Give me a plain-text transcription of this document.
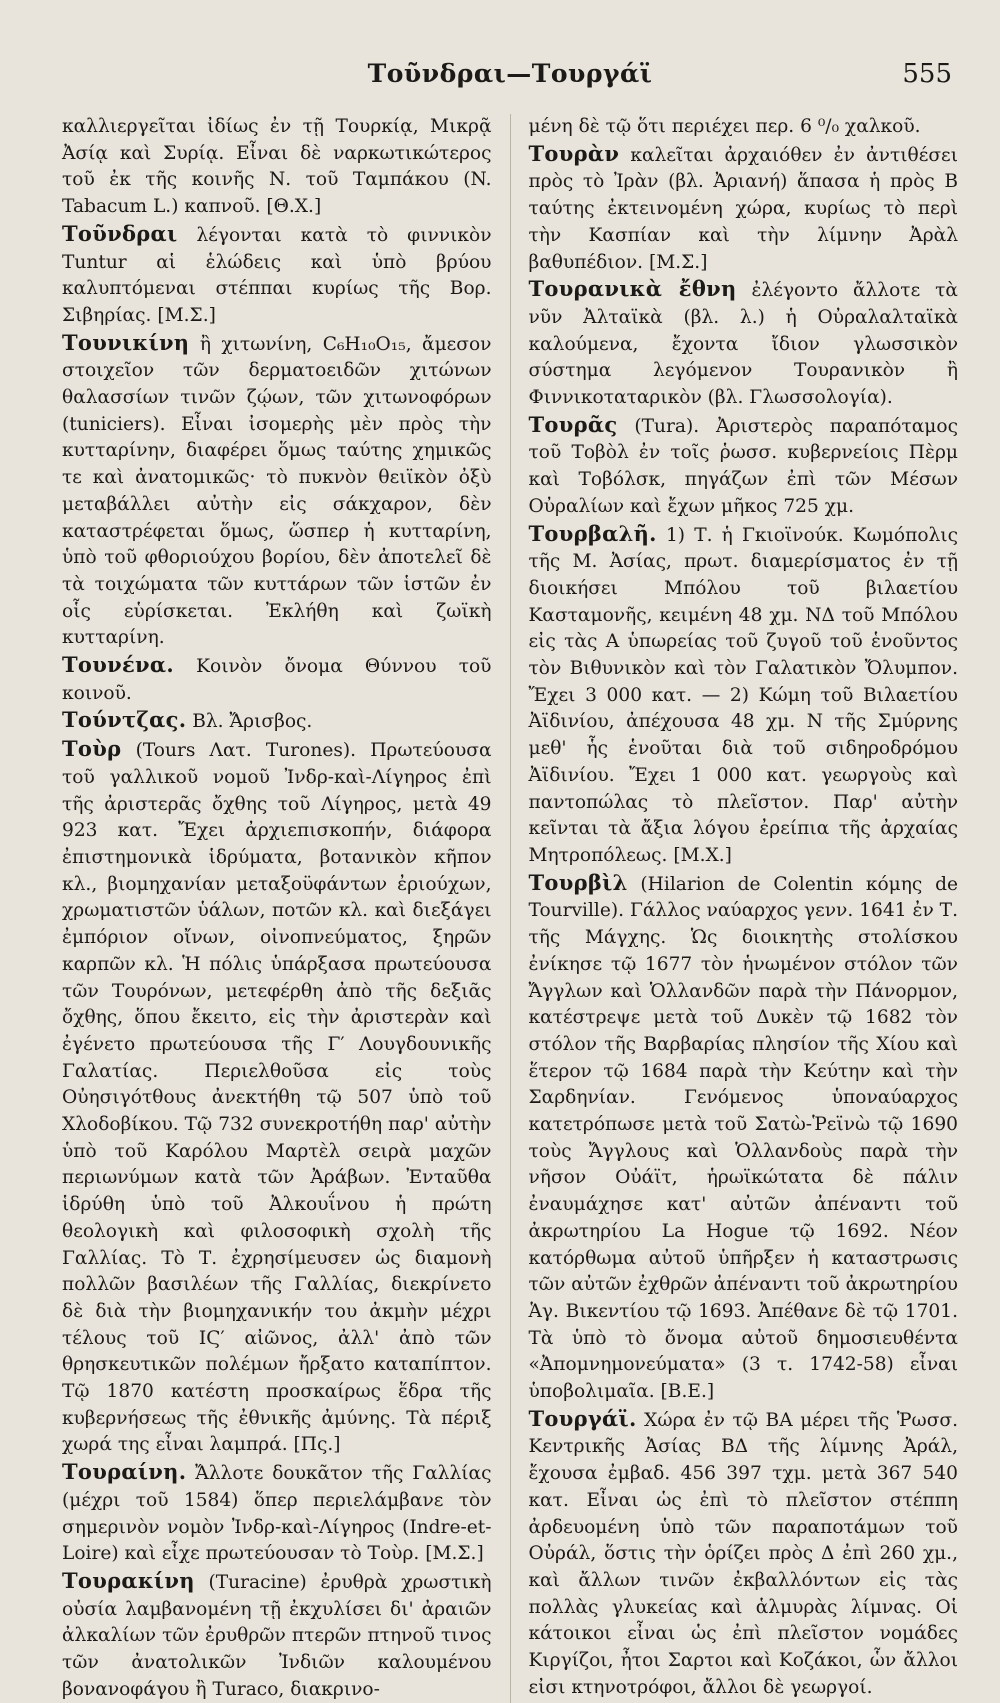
Τοῦνδραι—Τουργάϊ	555

καλλιεργεῖται ἰδίως ἐν τῇ Τουρκίᾳ, Μικρᾷ Ἀσίᾳ καὶ Συρίᾳ. Εἶναι δὲ ναρκωτικώτερος τοῦ ἐκ τῆς κοινῆς Ν. τοῦ Ταμπάκου (N. Tabacum L.) καπνοῦ. [Θ.Χ.]

Τοῦνδραι λέγονται κατὰ τὸ φιννικὸν Tuntur αἱ ἑλώδεις καὶ ὑπὸ βρύου καλυπτόμεναι στέππαι κυρίως τῆς Βορ. Σιβηρίας. [Μ.Σ.]

Τουνικίνη ἢ χιτωνίνη, C₆H₁₀O₁₅, ἄμεσον στοιχεῖον τῶν δερματοειδῶν χιτώνων θαλασσίων τινῶν ζῴων, τῶν χιτωνοφόρων (tuniciers). Εἶναι ἰσομερὴς μὲν πρὸς τὴν κυτταρίνην, διαφέρει ὅμως ταύτης χημικῶς τε καὶ ἀνατομικῶς· τὸ πυκνὸν θειϊκὸν ὀξὺ μεταβάλλει αὐτὴν εἰς σάκχαρον, δὲν καταστρέφεται ὅμως, ὥσπερ ἡ κυτταρίνη, ὑπὸ τοῦ φθοριούχου βορίου, δὲν ἀποτελεῖ δὲ τὰ τοιχώματα τῶν κυττάρων τῶν ἱστῶν ἐν οἷς εὑρίσκεται. Ἐκλήθη καὶ ζωϊκὴ κυτταρίνη.

Τουνένα. Κοινὸν ὄνομα Θύννου τοῦ κοινοῦ.

Τούντζας. Βλ. Ἄρισβος.

Τοὺρ (Tours Λατ. Turones). Πρωτεύουσα τοῦ γαλλικοῦ νομοῦ Ἰνδρ-καὶ-Λίγηρος ἐπὶ τῆς ἀριστερᾶς ὄχθης τοῦ Λίγηρος, μετὰ 49 923 κατ. Ἔχει ἀρχιεπισκοπήν, διάφορα ἐπιστημονικὰ ἱδρύματα, βοτανικὸν κῆπον κλ., βιομηχανίαν μεταξοϋφάντων ἐριούχων, χρωματιστῶν ὑάλων, ποτῶν κλ. καὶ διεξάγει ἐμπόριον οἴνων, οἰνοπνεύματος, ξηρῶν καρπῶν κλ. Ἡ πόλις ὑπάρξασα πρωτεύουσα τῶν Τουρόνων, μετεφέρθη ἀπὸ τῆς δεξιᾶς ὄχθης, ὅπου ἔκειτο, εἰς τὴν ἀριστερὰν καὶ ἐγένετο πρωτεύουσα τῆς Γ′ Λουγδουνικῆς Γαλατίας. Περιελθοῦσα εἰς τοὺς Οὐησιγότθους ἀνεκτήθη τῷ 507 ὑπὸ τοῦ Χλοδοβίκου. Τῷ 732 συνεκροτήθη παρ' αὐτὴν ὑπὸ τοῦ Καρόλου Μαρτὲλ σειρὰ μαχῶν περιωνύμων κατὰ τῶν Ἀράβων. Ἐνταῦθα ἱδρύθη ὑπὸ τοῦ Ἀλκουΐνου ἡ πρώτη θεολογικὴ καὶ φιλοσοφικὴ σχολὴ τῆς Γαλλίας. Τὸ Τ. ἐχρησίμευσεν ὡς διαμονὴ πολλῶν βασιλέων τῆς Γαλλίας, διεκρίνετο δὲ διὰ τὴν βιομηχανικήν του ἀκμὴν μέχρι τέλους τοῦ ΙϚ′ αἰῶνος, ἀλλ' ἀπὸ τῶν θρησκευτικῶν πολέμων ἤρξατο καταπίπτον. Τῷ 1870 κατέστη προσκαίρως ἕδρα τῆς κυβερνήσεως τῆς ἐθνικῆς ἀμύνης. Τὰ πέριξ χωρά της εἶναι λαμπρά. [Πς.]

Τουραίνη. Ἄλλοτε δουκᾶτον τῆς Γαλλίας (μέχρι τοῦ 1584) ὅπερ περιελάμβανε τὸν σημερινὸν νομὸν Ἰνδρ-καὶ-Λίγηρος (Indre-et-Loire) καὶ εἶχε πρωτεύουσαν τὸ Τοὺρ. [Μ.Σ.]

Τουρακίνη (Turacine) ἐρυθρὰ χρωστικὴ οὐσία λαμβανομένη τῇ ἐκχυλίσει δι' ἀραιῶν ἀλκαλίων τῶν ἐρυθρῶν πτερῶν πτηνοῦ τινος τῶν ἀνατολικῶν Ἰνδιῶν καλουμένου βονανοφάγου ἢ Turaco, διακρινο-

μένη δὲ τῷ ὅτι περιέχει περ. 6 ⁰/₀ χαλκοῦ.

Τουρὰν καλεῖται ἀρχαιόθεν ἐν ἀντιθέσει πρὸς τὸ Ἰρὰν (βλ. Ἀριανή) ἅπασα ἡ πρὸς Β ταύτης ἐκτεινομένη χώρα, κυρίως τὸ περὶ τὴν Κασπίαν καὶ τὴν λίμνην Ἀρὰλ βαθυπέδιον. [Μ.Σ.]

Τουρανικὰ ἔθνη ἐλέγοντο ἄλλοτε τὰ νῦν Ἀλταϊκὰ (βλ. λ.) ἡ Οὐραλαλταϊκὰ καλούμενα, ἔχοντα ἴδιον γλωσσικὸν σύστημα λεγόμενον Τουρανικὸν ἢ Φιννικοταταρικὸν (βλ. Γλωσσολογία).

Τουρᾶς (Tura). Ἀριστερὸς παραπόταμος τοῦ Τοβὸλ ἐν τοῖς ῥωσσ. κυβερνείοις Πὲρμ καὶ Τοβόλσκ, πηγάζων ἐπὶ τῶν Μέσων Οὐραλίων καὶ ἔχων μῆκος 725 χμ.

Τουρβαλῆ. 1) Τ. ἡ Γκιοϊνούκ. Κωμόπολις τῆς Μ. Ἀσίας, πρωτ. διαμερίσματος ἐν τῇ διοικήσει Μπόλου τοῦ βιλαετίου Κασταμονῆς, κειμένη 48 χμ. ΝΔ τοῦ Μπόλου εἰς τὰς Α ὑπωρείας τοῦ ζυγοῦ τοῦ ἑνοῦντος τὸν Βιθυνικὸν καὶ τὸν Γαλατικὸν Ὄλυμπον. Ἔχει 3 000 κατ. — 2) Κώμη τοῦ Βιλαετίου Ἀϊδινίου, ἀπέχουσα 48 χμ. Ν τῆς Σμύρνης μεθ' ἧς ἑνοῦται διὰ τοῦ σιδηροδρόμου Ἀϊδινίου. Ἔχει 1 000 κατ. γεωργοὺς καὶ παντοπώλας τὸ πλεῖστον. Παρ' αὐτὴν κεῖνται τὰ ἄξια λόγου ἐρείπια τῆς ἀρχαίας Μητροπόλεως. [Μ.Χ.]

Τουρβὶλ (Hilarion de Colentin κόμης de Tourville). Γάλλος ναύαρχος γενν. 1641 ἐν Τ. τῆς Μάγχης. Ὡς διοικητὴς στολίσκου ἐνίκησε τῷ 1677 τὸν ἡνωμένον στόλον τῶν Ἄγγλων καὶ Ὁλλανδῶν παρὰ τὴν Πάνορμον, κατέστρεψε μετὰ τοῦ Δυκὲν τῷ 1682 τὸν στόλον τῆς Βαρβαρίας πλησίον τῆς Χίου καὶ ἕτερον τῷ 1684 παρὰ τὴν Κεύτην καὶ τὴν Σαρδηνίαν. Γενόμενος ὑποναύαρχος κατετρόπωσε μετὰ τοῦ Σατὼ-Ῥεϊνὼ τῷ 1690 τοὺς Ἄγγλους καὶ Ὁλλανδοὺς παρὰ τὴν νῆσον Οὐάϊτ, ἡρωϊκώτατα δὲ πάλιν ἐναυμάχησε κατ' αὐτῶν ἀπέναντι τοῦ ἀκρωτηρίου La Hogue τῷ 1692. Νέον κατόρθωμα αὐτοῦ ὑπῆρξεν ἡ καταστρωσις τῶν αὐτῶν ἐχθρῶν ἀπέναντι τοῦ ἀκρωτηρίου Ἁγ. Βικεντίου τῷ 1693. Ἀπέθανε δὲ τῷ 1701. Τὰ ὑπὸ τὸ ὄνομα αὐτοῦ δημοσιευθέντα «Ἀπομνημονεύματα» (3 τ. 1742-58) εἶναι ὑποβολιμαῖα. [Β.Ε.]

Τουργάϊ. Χώρα ἐν τῷ ΒΑ μέρει τῆς Ῥωσσ. Κεντρικῆς Ἀσίας ΒΔ τῆς λίμνης Ἀράλ, ἔχουσα ἐμβαδ. 456 397 τχμ. μετὰ 367 540 κατ. Εἶναι ὡς ἐπὶ τὸ πλεῖστον στέππη ἀρδευομένη ὑπὸ τῶν παραποτάμων τοῦ Οὐράλ, ὅστις τὴν ὁρίζει πρὸς Δ ἐπὶ 260 χμ., καὶ ἄλλων τινῶν ἐκβαλλόντων εἰς τὰς πολλὰς γλυκείας καὶ ἁλμυρὰς λίμνας. Οἱ κάτοικοι εἶναι ὡς ἐπὶ πλεῖστον νομάδες Κιργίζοι, ἦτοι Σαρτοι καὶ Κοζάκοι, ὧν ἄλλοι εἰσι κτηνοτρόφοι, ἄλλοι δὲ γεωργοί.
